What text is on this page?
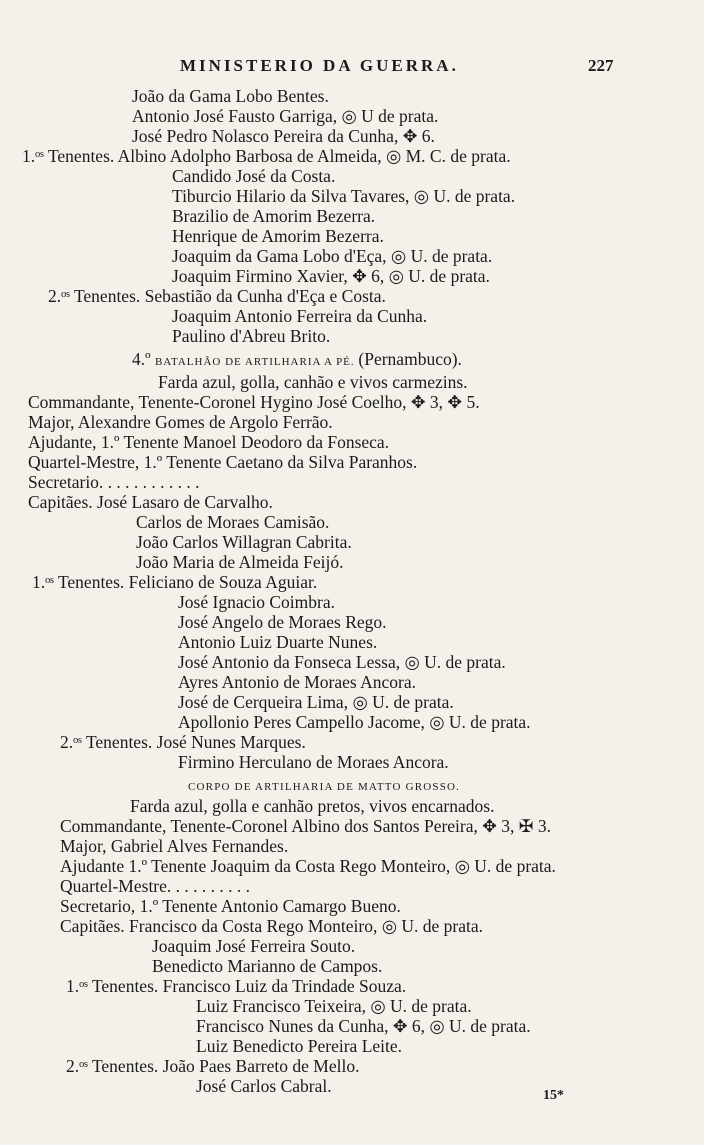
MINISTERIO DA GUERRA.	227
João da Gama Lobo Bentes.
Antonio José Fausto Garriga, ◎ U de prata.
José Pedro Nolasco Pereira da Cunha, ✥ 6.
1.ᵒˢ Tenentes. Albino Adolpho Barbosa de Almeida, ◎ M. C. de prata.
Candido José da Costa.
Tiburcio Hilario da Silva Tavares, ◎ U. de prata.
Brazilio de Amorim Bezerra.
Henrique de Amorim Bezerra.
Joaquim da Gama Lobo d'Eça, ◎ U. de prata.
Joaquim Firmino Xavier, ✥ 6, ◎ U. de prata.
2.ᵒˢ Tenentes. Sebastião da Cunha d'Eça e Costa.
Joaquim Antonio Ferreira da Cunha.
Paulino d'Abreu Brito.
4.º BATALHÃO DE ARTILHARIA A PÉ. (Pernambuco).
Farda azul, golla, canhão e vivos carmezins.
Commandante, Tenente-Coronel Hygino José Coelho, ✥ 3, ✥ 5.
Major, Alexandre Gomes de Argolo Ferrão.
Ajudante, 1.º Tenente Manoel Deodoro da Fonseca.
Quartel-Mestre, 1.º Tenente Caetano da Silva Paranhos.
Secretario. . . . . . . . . . . .
Capitães. José Lasaro de Carvalho.
Carlos de Moraes Camisão.
João Carlos Willagran Cabrita.
João Maria de Almeida Feijó.
1.ᵒˢ Tenentes. Feliciano de Souza Aguiar.
José Ignacio Coimbra.
José Angelo de Moraes Rego.
Antonio Luiz Duarte Nunes.
José Antonio da Fonseca Lessa, ◎ U. de prata.
Ayres Antonio de Moraes Ancora.
José de Cerqueira Lima, ◎ U. de prata.
Apollonio Peres Campello Jacome, ◎ U. de prata.
2.ᵒˢ Tenentes. José Nunes Marques.
Firmino Herculano de Moraes Ancora.
CORPO DE ARTILHARIA DE MATTO GROSSO.
Farda azul, golla e canhão pretos, vivos encarnados.
Commandante, Tenente-Coronel Albino dos Santos Pereira, ✥ 3, ✠ 3.
Major, Gabriel Alves Fernandes.
Ajudante 1.º Tenente Joaquim da Costa Rego Monteiro, ◎ U. de prata.
Quartel-Mestre. . . . . . . . . .
Secretario, 1.º Tenente Antonio Camargo Bueno.
Capitães. Francisco da Costa Rego Monteiro, ◎ U. de prata.
Joaquim José Ferreira Souto.
Benedicto Marianno de Campos.
1.ᵒˢ Tenentes. Francisco Luiz da Trindade Souza.
Luiz Francisco Teixeira, ◎ U. de prata.
Francisco Nunes da Cunha, ✥ 6, ◎ U. de prata.
Luiz Benedicto Pereira Leite.
2.ᵒˢ Tenentes. João Paes Barreto de Mello.
José Carlos Cabral.	15*
